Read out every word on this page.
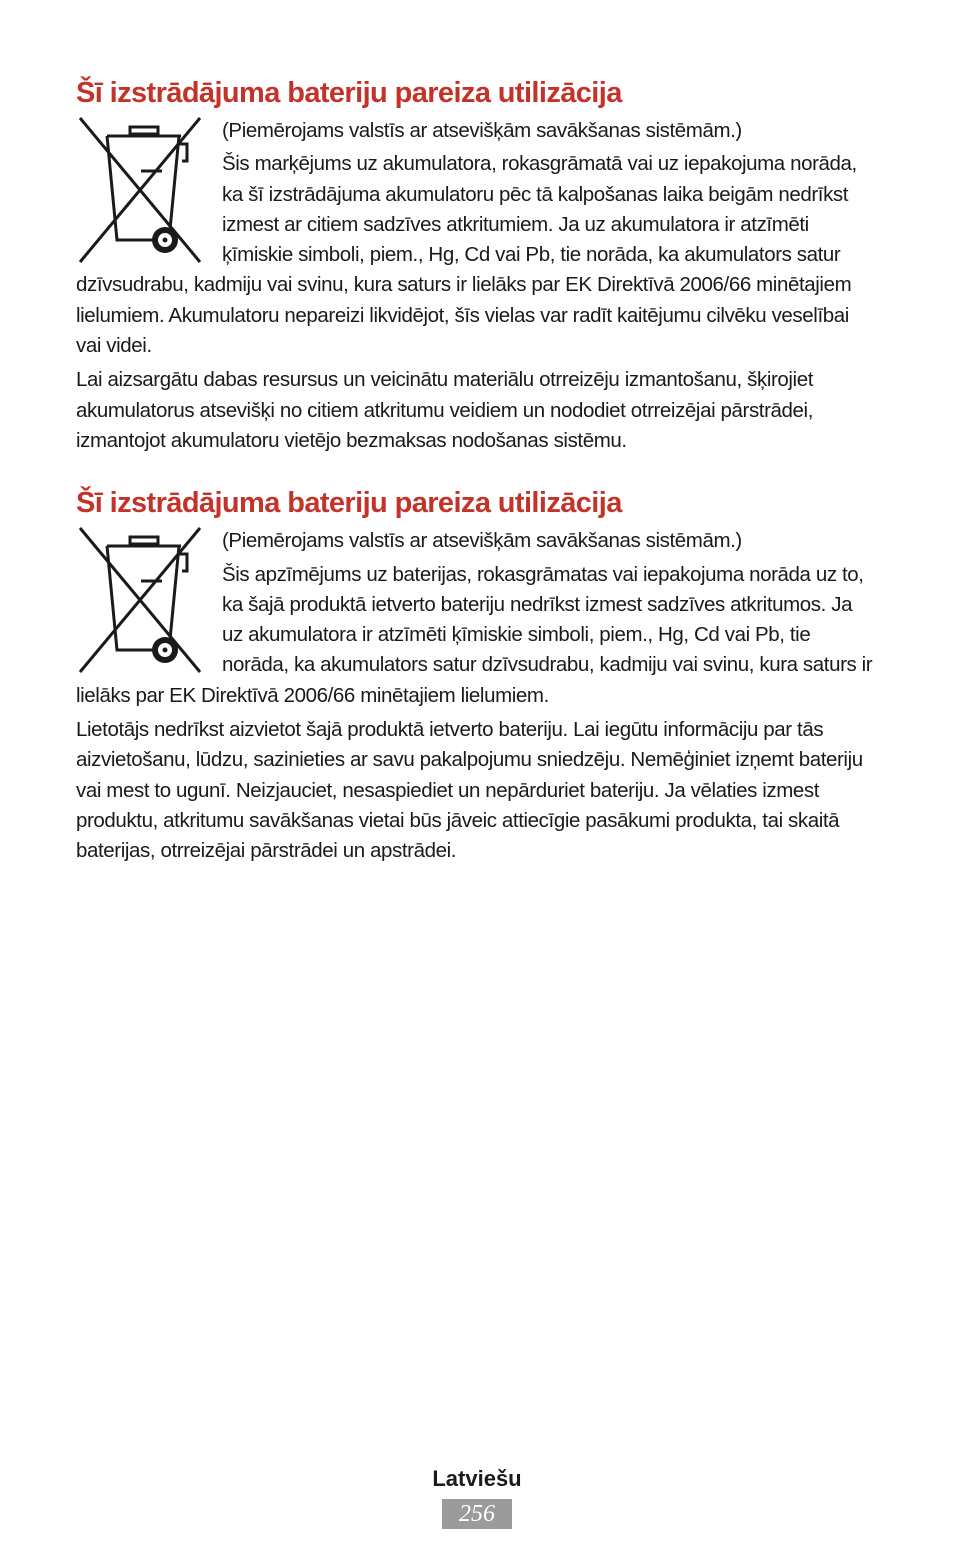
Šī izstrādājuma bateriju pareiza utilizācija

(Piemērojams valstīs ar atsevišķām savākšanas sistēmām.)

Šis marķējums uz akumulatora, rokasgrāmatā vai uz iepakojuma norāda, ka šī izstrādājuma akumulatoru pēc tā kalpošanas laika beigām nedrīkst izmest ar citiem sadzīves atkritumiem. Ja uz akumulatora ir atzīmēti ķīmiskie simboli, piem., Hg, Cd vai Pb, tie norāda, ka akumulators satur dzīvsudrabu, kadmiju vai svinu, kura saturs ir lielāks par EK Direktīvā 2006/66 minētajiem lielumiem. Akumulatoru nepareizi likvidējot, šīs vielas var radīt kaitējumu cilvēku veselībai vai videi.

Lai aizsargātu dabas resursus un veicinātu materiālu otrreizēju izmantošanu, šķirojiet akumulatorus atsevišķi no citiem atkritumu veidiem un nododiet otrreizējai pārstrādei, izmantojot akumulatoru vietējo bezmaksas nodošanas sistēmu.

Šī izstrādājuma bateriju pareiza utilizācija

(Piemērojams valstīs ar atsevišķām savākšanas sistēmām.)

Šis apzīmējums uz baterijas, rokasgrāmatas vai iepakojuma norāda uz to, ka šajā produktā ietverto bateriju nedrīkst izmest sadzīves atkritumos. Ja uz akumulatora ir atzīmēti ķīmiskie simboli, piem., Hg, Cd vai Pb, tie norāda, ka akumulators satur dzīvsudrabu, kadmiju vai svinu, kura saturs ir lielāks par EK Direktīvā 2006/66 minētajiem lielumiem.

Lietotājs nedrīkst aizvietot šajā produktā ietverto bateriju. Lai iegūtu informāciju par tās aizvietošanu, lūdzu, sazinieties ar savu pakalpojumu sniedzēju. Nemēģiniet izņemt bateriju vai mest to ugunī. Neizjauciet, nesaspiediet un nepārduriet bateriju. Ja vēlaties izmest produktu, atkritumu savākšanas vietai būs jāveic attiecīgie pasākumi produkta, tai skaitā baterijas, otrreizējai pārstrādei un apstrādei.

Latviešu
256
